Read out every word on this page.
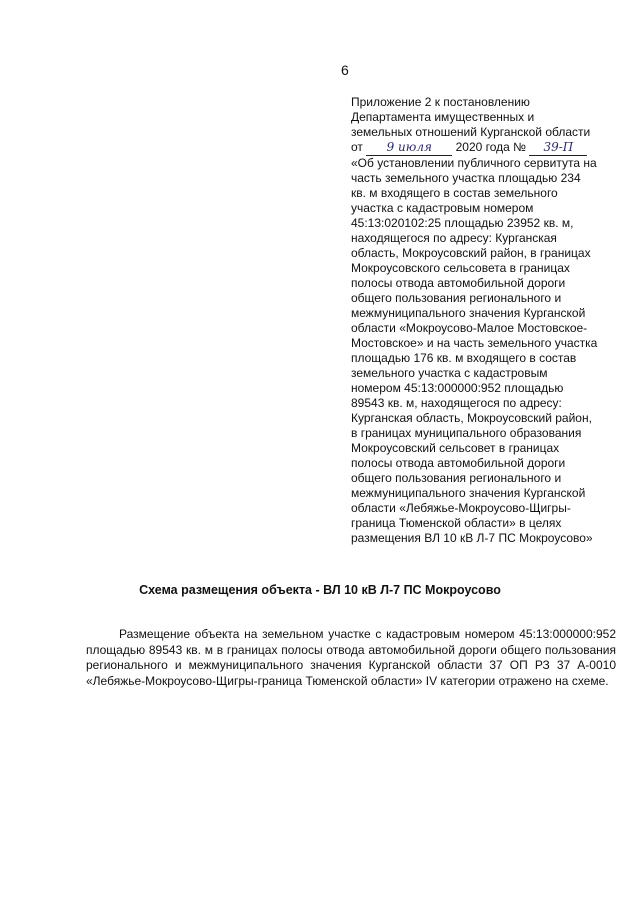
6
Приложение 2 к постановлению
Департамента имущественных и
земельных отношений Курганской области
от 9 июля 2020 года № 39-П
«Об установлении публичного сервитута на
часть земельного участка площадью 234
кв. м входящего в состав земельного
участка с кадастровым номером
45:13:020102:25 площадью 23952 кв. м,
находящегося по адресу: Курганская
область, Мокроусовский район, в границах
Мокроусовского сельсовета в границах
полосы отвода автомобильной дороги
общего пользования регионального и
межмуниципального значения Курганской
области «Мокроусово-Малое Мостовское-
Мостовское» и на часть земельного участка
площадью 176 кв. м входящего в состав
земельного участка с кадастровым
номером 45:13:000000:952 площадью
89543 кв. м, находящегося по адресу:
Курганская область, Мокроусовский район,
в границах муниципального образования
Мокроусовский сельсовет в границах
полосы отвода автомобильной дороги
общего пользования регионального и
межмуниципального значения Курганской
области «Лебяжье-Мокроусово-Щигры-
граница Тюменской области» в целях
размещения ВЛ 10 кВ Л-7 ПС Мокроусово»
Схема размещения объекта - ВЛ 10 кВ Л-7 ПС Мокроусово
Размещение объекта на земельном участке с кадастровым номером 45:13:000000:952 площадью 89543 кв. м в границах полосы отвода автомобильной дороги общего пользования регионального и межмуниципального значения Курганской области 37 ОП РЗ 37 А-0010 «Лебяжье-Мокроусово-Щигры-граница Тюменской области» IV категории отражено на схеме.
